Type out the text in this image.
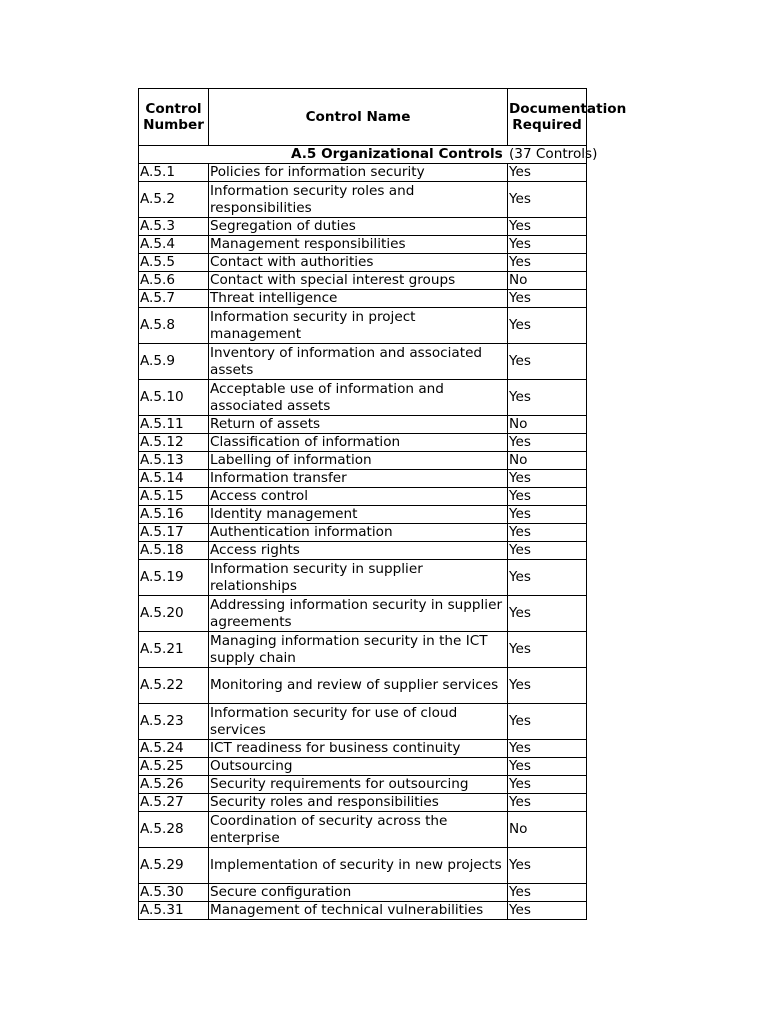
Control Number	Control Name	Documentation Required

A.5 Organizational Controls (37 Controls)		

A.5.1	Policies for information security	Yes
A.5.2	Information security roles and responsibilities	Yes
A.5.3	Segregation of duties	Yes
A.5.4	Management responsibilities	Yes
A.5.5	Contact with authorities	Yes
A.5.6	Contact with special interest groups	No
A.5.7	Threat intelligence	Yes
A.5.8	Information security in project management	Yes
A.5.9	Inventory of information and associated assets	Yes
A.5.10	Acceptable use of information and associated assets	Yes
A.5.11	Return of assets	No
A.5.12	Classification of information	Yes
A.5.13	Labelling of information	No
A.5.14	Information transfer	Yes
A.5.15	Access control	Yes
A.5.16	Identity management	Yes
A.5.17	Authentication information	Yes
A.5.18	Access rights	Yes
A.5.19	Information security in supplier relationships	Yes
A.5.20	Addressing information security in supplier agreements	Yes
A.5.21	Managing information security in the ICT supply chain	Yes
A.5.22	Monitoring and review of supplier services	Yes
A.5.23	Information security for use of cloud services	Yes
A.5.24	ICT readiness for business continuity	Yes
A.5.25	Outsourcing	Yes
A.5.26	Security requirements for outsourcing	Yes
A.5.27	Security roles and responsibilities	Yes
A.5.28	Coordination of security across the enterprise	No
A.5.29	Implementation of security in new projects	Yes
A.5.30	Secure configuration	Yes
A.5.31	Management of technical vulnerabilities	Yes
